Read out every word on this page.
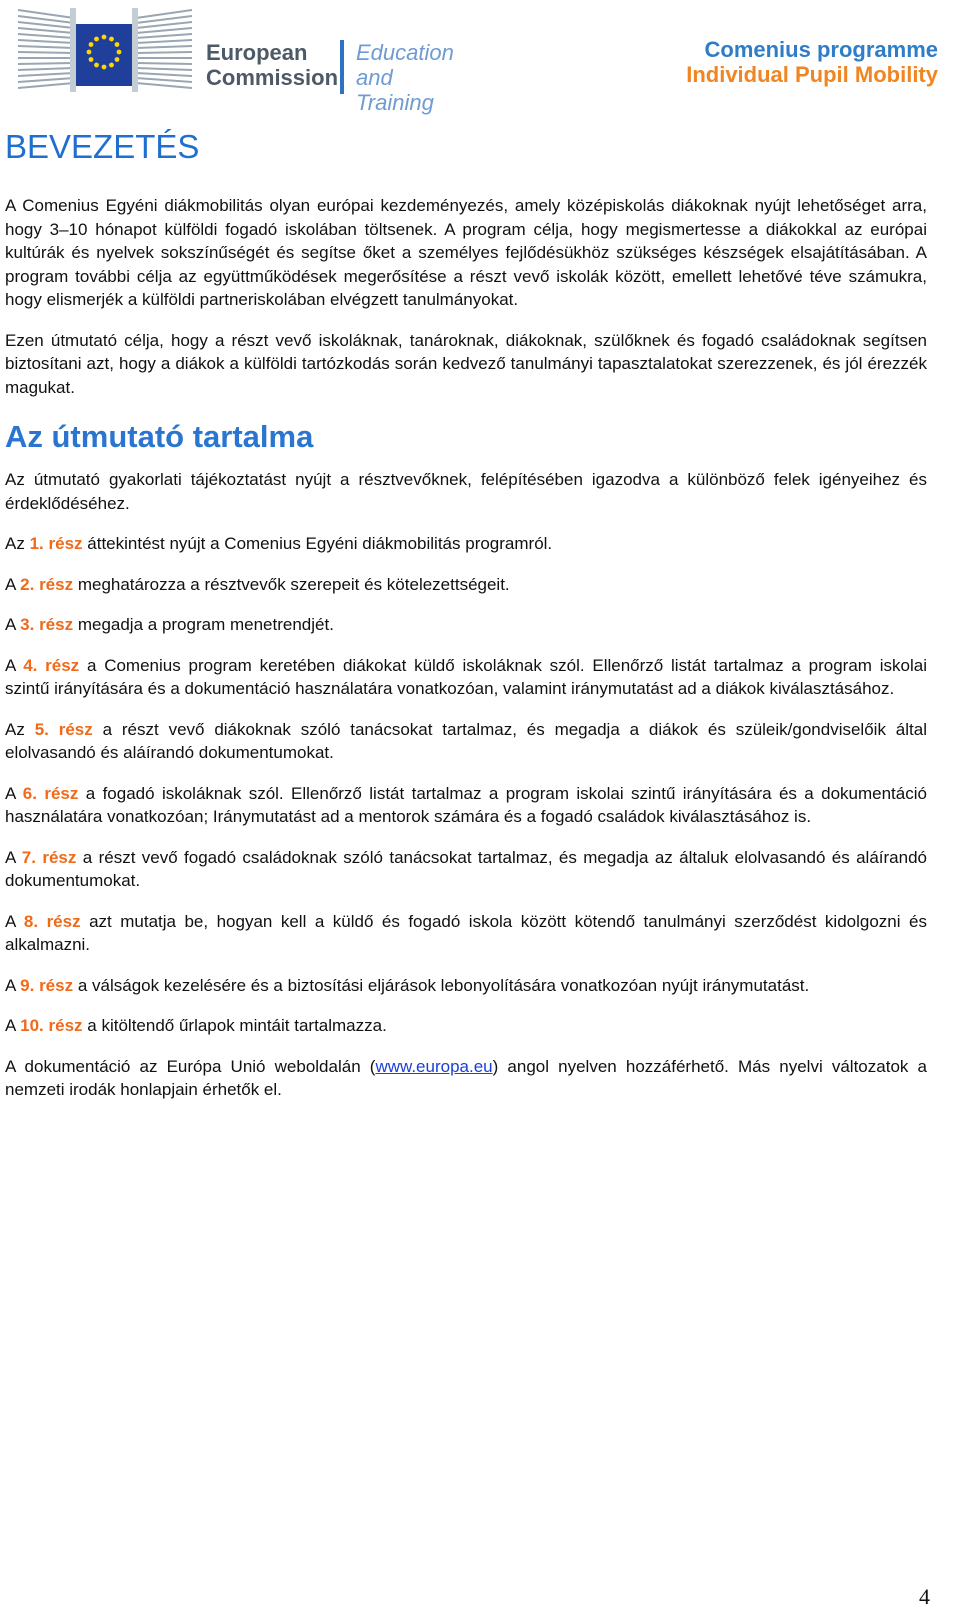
European
Commission
Education
and Training
Comenius programme
Individual Pupil Mobility
BEVEZETÉS

A Comenius Egyéni diákmobilitás olyan európai kezdeményezés, amely középiskolás diákoknak nyújt lehetőséget arra, hogy 3–10 hónapot külföldi fogadó iskolában töltsenek. A program célja, hogy megismertesse a diákokkal az európai kultúrák és nyelvek sokszínűségét és segítse őket a személyes fejlődésükhöz szükséges készségek elsajátításában. A program további célja az együttműködések megerősítése a részt vevő iskolák között, emellett lehetővé téve számukra, hogy elismerjék a külföldi partneriskolában elvégzett tanulmányokat.

Ezen útmutató célja, hogy a részt vevő iskoláknak, tanároknak, diákoknak, szülőknek és fogadó családoknak segítsen biztosítani azt, hogy a diákok a külföldi tartózkodás során kedvező tanulmányi tapasztalatokat szerezzenek, és jól érezzék magukat.

Az útmutató tartalma

Az útmutató gyakorlati tájékoztatást nyújt a résztvevőknek, felépítésében igazodva a különböző felek igényeihez és érdeklődéséhez.

Az 1. rész áttekintést nyújt a Comenius Egyéni diákmobilitás programról.

A 2. rész meghatározza a résztvevők szerepeit és kötelezettségeit.

A 3. rész megadja a program menetrendjét.

A 4. rész a Comenius program keretében diákokat küldő iskoláknak szól. Ellenőrző listát tartalmaz a program iskolai szintű irányítására és a dokumentáció használatára vonatkozóan, valamint iránymutatást ad a diákok kiválasztásához.

Az 5. rész a részt vevő diákoknak szóló tanácsokat tartalmaz, és megadja a diákok és szüleik/gondviselőik által elolvasandó és aláírandó dokumentumokat.

A 6. rész a fogadó iskoláknak szól. Ellenőrző listát tartalmaz a program iskolai szintű irányítására és a dokumentáció használatára vonatkozóan; Iránymutatást ad a mentorok számára és a fogadó családok kiválasztásához is.

A 7. rész a részt vevő fogadó családoknak szóló tanácsokat tartalmaz, és megadja az általuk elolvasandó és aláírandó dokumentumokat.

A 8. rész azt mutatja be, hogyan kell a küldő és fogadó iskola között kötendő tanulmányi szerződést kidolgozni és alkalmazni.

A 9. rész a válságok kezelésére és a biztosítási eljárások lebonyolítására vonatkozóan nyújt iránymutatást.

A 10. rész a kitöltendő űrlapok mintáit tartalmazza.

A dokumentáció az Európa Unió weboldalán (www.europa.eu) angol nyelven hozzáférhető. Más nyelvi változatok a nemzeti irodák honlapjain érhetők el.

4
